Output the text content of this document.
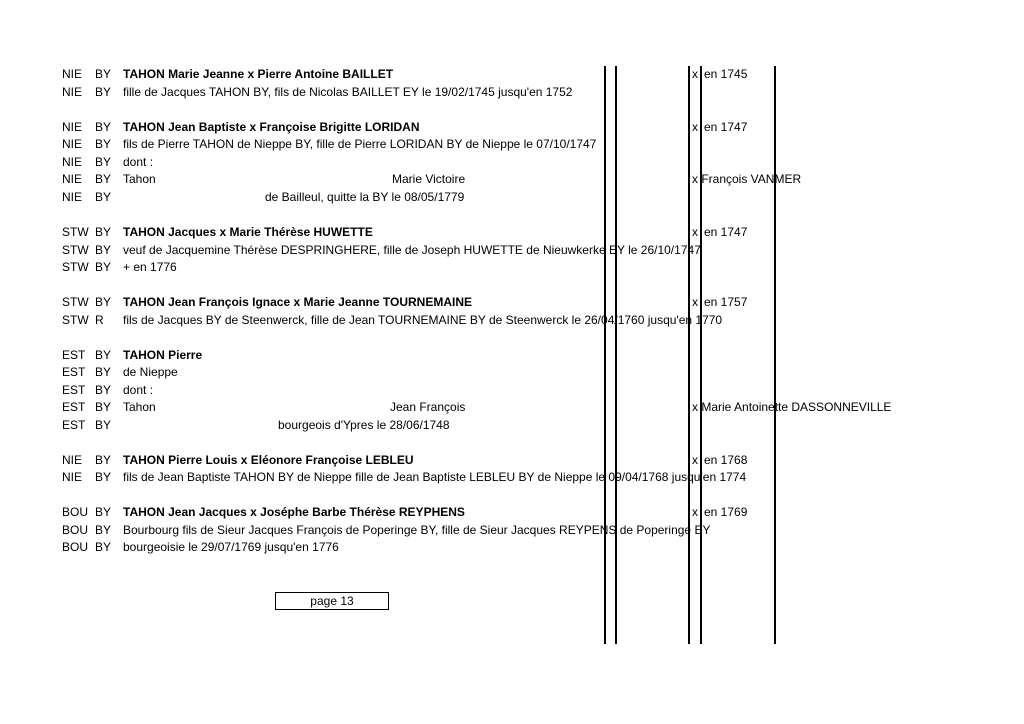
NIE BY TAHON Marie Jeanne x Pierre Antoine BAILLET	x en 1745
NIE BY fille de Jacques TAHON BY, fils de Nicolas BAILLET EY le 19/02/1745 jusqu'en 1752
NIE BY TAHON Jean Baptiste x Françoise Brigitte LORIDAN	x en 1747
NIE BY fils de Pierre TAHON de Nieppe BY, fille de Pierre LORIDAN BY de Nieppe le 07/10/1747
NIE BY dont :
NIE BY Tahon	Marie Victoire	x François VANMER
NIE BY	de Bailleul, quitte la BY le 08/05/1779
STW BY TAHON Jacques x Marie Thérèse HUWETTE	x en 1747
STW BY veuf de Jacquemine Thérèse DESPRINGHERE, fille de Joseph HUWETTE de Nieuwkerke EY le 26/10/1747
STW BY + en 1776
STW BY TAHON Jean François Ignace x Marie Jeanne TOURNEMAINE	x en 1757
STW R fils de Jacques BY de Steenwerck, fille de Jean TOURNEMAINE BY de Steenwerck le 26/04/1760 jusqu'en 1770
EST BY TAHON Pierre
EST BY de Nieppe
EST BY dont :
EST BY Tahon	Jean François	x Marie Antoinette DASSONNEVILLE
EST BY	bourgeois d'Ypres le 28/06/1748
NIE BY TAHON Pierre Louis x Eléonore Françoise LEBLEU	x en 1768
NIE BY fils de Jean Baptiste TAHON BY de Nieppe fille de Jean Baptiste LEBLEU BY de Nieppe le 09/04/1768 jusqu'en 1774
BOU BY TAHON Jean Jacques x Joséphe Barbe Thérèse REYPHENS	x en 1769
BOU BY Bourbourg fils de Sieur Jacques François de Poperinge BY, fille de Sieur Jacques REYPENS de Poperinge EY
BOU BY bourgeoisie le 29/07/1769 jusqu'en 1776
page 13
